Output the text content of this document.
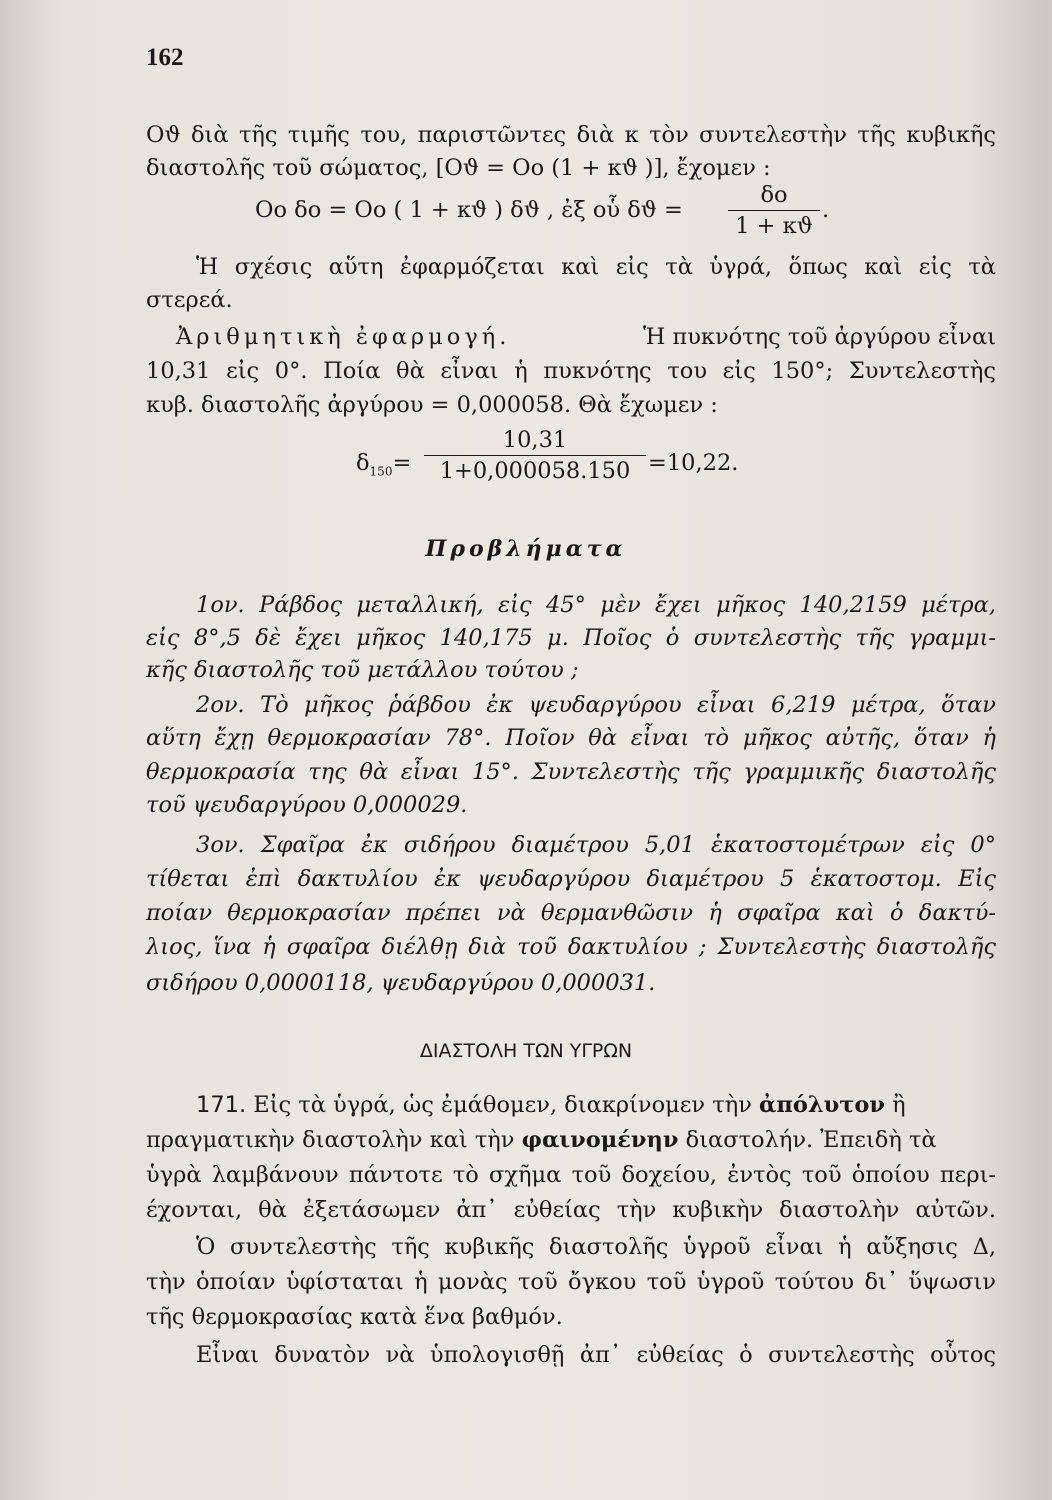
162
Oϑ διὰ τῆς τιμῆς του, παριστῶντες διὰ κ τὸν συντελεστὴν τῆς κυβικῆς
διαστολῆς τοῦ σώματος, [Oϑ = Oο (1 + κϑ )], ἔχομεν :
Oο δο = Oο ( 1 + κϑ ) δϑ , ἐξ οὗ δϑ =
δο
1 + κϑ
.
Ἡ σχέσις αὕτη ἐφαρμόζεται καὶ εἰς τὰ ὑγρά, ὅπως καὶ εἰς τὰ
στερεά.
Ἀριθμητικὴ ἐφαρμογή.	Ἡ πυκνότης τοῦ ἀργύρου εἶναι
10,31 εἰς 0°. Ποία θὰ εἶναι ἡ πυκνότης του εἰς 150°; Συντελεστὴς
κυβ. διαστολῆς ἀργύρου = 0,000058. Θὰ ἔχωμεν :
$\delta_{150}=$
10,31
1+0,000058.150 =10,22.
Προβλήματα
1ον. Ράβδος μεταλλική, εἰς 45° μὲν ἔχει μῆκος 140,2159 μέτρα,
εἰς 8°,5 δὲ ἔχει μῆκος 140,175 μ. Ποῖος ὁ συντελεστὴς τῆς γραμμι-
κῆς διαστολῆς τοῦ μετάλλου τούτου ;
2ον. Τὸ μῆκος ῥάβδου ἐκ ψευδαργύρου εἶναι 6,219 μέτρα, ὅταν
αὕτη ἔχῃ θερμοκρασίαν 78°. Ποῖον θὰ εἶναι τὸ μῆκος αὐτῆς, ὅταν ἡ
θερμοκρασία της θὰ εἶναι 15°. Συντελεστὴς τῆς γραμμικῆς διαστολῆς
τοῦ ψευδαργύρου 0,000029.
3ον. Σφαῖρα ἐκ σιδήρου διαμέτρου 5,01 ἑκατοστομέτρων εἰς 0°
τίθεται ἐπὶ δακτυλίου ἐκ ψευδαργύρου διαμέτρου 5 ἑκατοστομ. Εἰς
ποίαν θερμοκρασίαν πρέπει νὰ θερμανθῶσιν ἡ σφαῖρα καὶ ὁ δακτύ-
λιος, ἵνα ἡ σφαῖρα διέλθῃ διὰ τοῦ δακτυλίου ; Συντελεστὴς διαστολῆς
σιδήρου 0,0000118, ψευδαργύρου 0,000031.
ΔΙΑΣΤΟΛΗ ΤΩΝ ΥΓΡΩΝ
171. Εἰς τὰ ὑγρά, ὡς ἐμάθομεν, διακρίνομεν τὴν ἀπόλυτον ἢ
πραγματικὴν διαστολὴν καὶ τὴν φαινομένην διαστολήν. Ἐπειδὴ τὰ
ὑγρὰ λαμβάνουν πάντοτε τὸ σχῆμα τοῦ δοχείου, ἐντὸς τοῦ ὁποίου περι-
έχονται, θὰ ἐξετάσωμεν ἀπ᾽ εὐθείας τὴν κυβικὴν διαστολὴν αὐτῶν.
Ὁ συντελεστὴς τῆς κυβικῆς διαστολῆς ὑγροῦ εἶναι ἡ αὔξησις Δ,
τὴν ὁποίαν ὑφίσταται ἡ μονὰς τοῦ ὄγκου τοῦ ὑγροῦ τούτου δι᾽ ὕψωσιν
τῆς θερμοκρασίας κατὰ ἕνα βαθμόν.
Εἶναι δυνατὸν νὰ ὑπολογισθῇ ἀπ᾽ εὐθείας ὁ συντελεστὴς οὗτος
